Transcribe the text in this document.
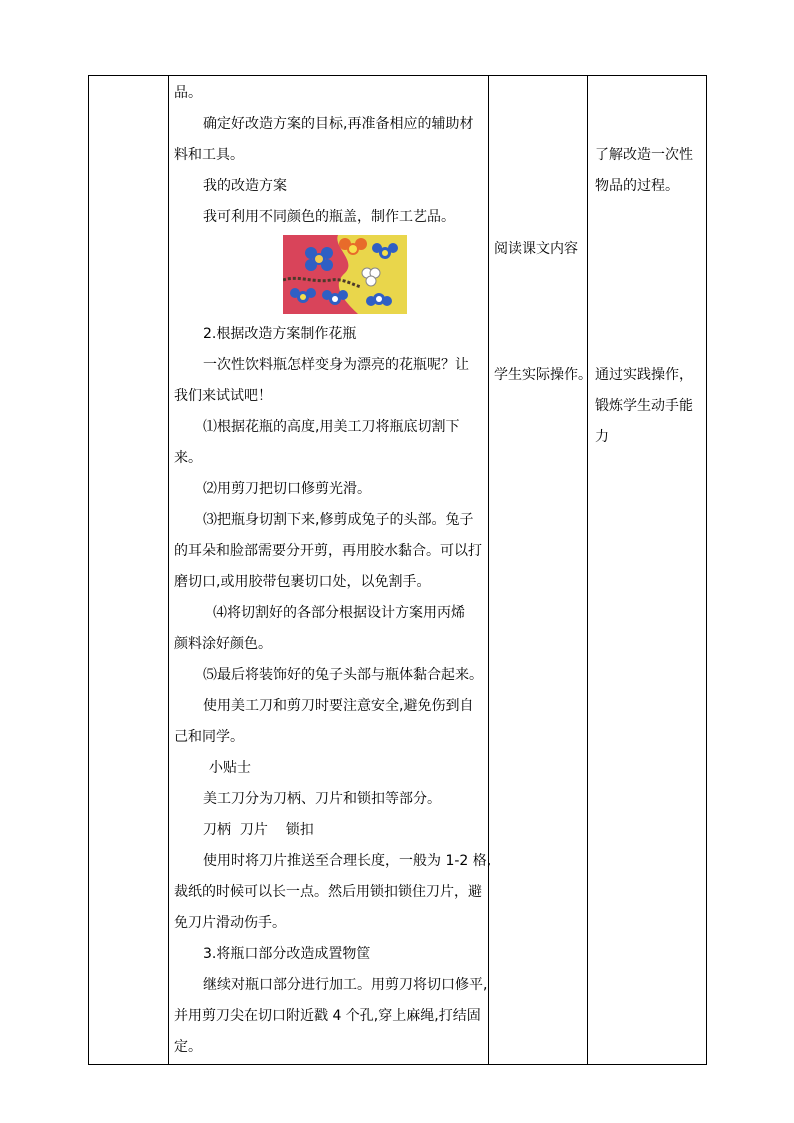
品。
确定好改造方案的目标,再准备相应的辅助材
料和工具。
我的改造方案
我可利用不同颜色的瓶盖，制作工艺品。
2.根据改造方案制作花瓶
一次性饮料瓶怎样变身为漂亮的花瓶呢？让
我们来试试吧！
⑴根据花瓶的高度,用美工刀将瓶底切割下
来。
⑵用剪刀把切口修剪光滑。
⑶把瓶身切割下来,修剪成兔子的头部。兔子
的耳朵和脸部需要分开剪，再用胶水黏合。可以打
磨切口,或用胶带包裹切口处，以免割手。
⑷将切割好的各部分根据设计方案用丙烯
颜料涂好颜色。
⑸最后将装饰好的兔子头部与瓶体黏合起来。
使用美工刀和剪刀时要注意安全,避免伤到自
己和同学。
小贴士
美工刀分为刀柄、刀片和锁扣等部分。
刀柄  刀片    锁扣
使用时将刀片推送至合理长度，一般为 1-2 格,
裁纸的时候可以长一点。然后用锁扣锁住刀片，避
免刀片滑动伤手。
3.将瓶口部分改造成置物筐
继续对瓶口部分进行加工。用剪刀将切口修平,
并用剪刀尖在切口附近戳 4 个孔,穿上麻绳,打结固
定。
阅读课文内容
学生实际操作。
了解改造一次性
物品的过程。
通过实践操作，
锻炼学生动手能
力
